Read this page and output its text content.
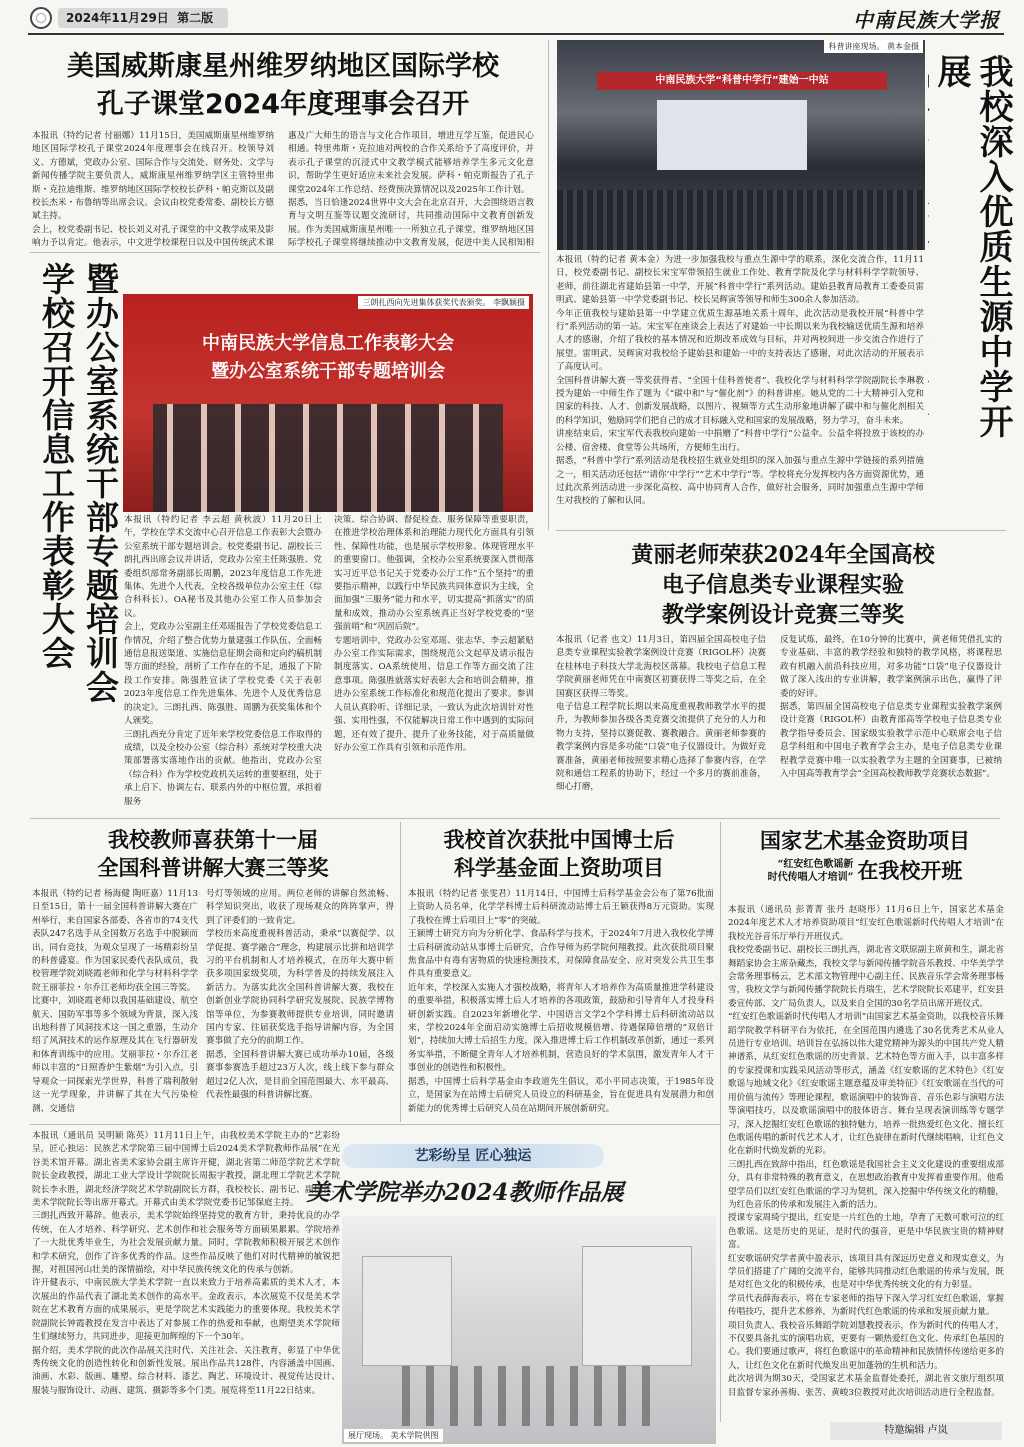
2024年11月29日 第二版	中南民族大学报
美国威斯康星州维罗纳地区国际学校
孔子课堂2024年度理事会召开
本报讯（特约记者 付丽娜）11月15日，美国威斯康星州维罗纳地区国际学校孔子课堂2024年度理事会在线召开。校领导刘义、方德斌，党政办公室、国际合作与交流处、财务处、文学与新闻传播学院主要负责人，威斯康星州维罗纳学区主管特里弗斯・克拉迪维斯、维罗纳地区国际学校校长萨科・帕克斯以及副校长杰米・布鲁纳等出席会议。会议由校党委常委、副校长方德斌主持。
会上，校党委副书记、校长刘义对孔子课堂的中文教学成果及影响力予以肯定。他表示，中文进学校课程日以及中国传统武术课
惠及广大师生的语言与文化合作项目，增进互学互鉴，促进民心相通。特里弗斯・克拉迪对两校的合作关系给予了高度评价，并表示孔子课堂的沉浸式中文教学模式能够培养学生多元文化意识，帮助学生更好适应未来社会发展。萨科・帕克斯报告了孔子课堂2024年工作总结、经费预决算情况以及2025年工作计划。
据悉，当日恰逢2024世界中文大会在北京召开，大会围绕语言教育与文明互鉴等议题交流研讨，共同推动国际中文教育创新发展。作为美国威斯康星州唯一一所独立孔子课堂，维罗纳地区国际学校孔子课堂将继续推动中文教育发展，促进中美人民相知相
科普讲座现场。 黄本金摄
中南民族大学“科普中学行”建始一中站	我校深入优质生源中学开展
本报讯（特约记者 黄本金）为进一步加强我校与重点生源中学的联系，深化交流合作，11月11日，校党委副书记、副校长宋宝军带领招生就业工作处、教育学院及化学与材料科学学院领导、老师，前往湖北省建始县第一中学，开展“科普中学行”系列活动。建始县教育局教育工委委员雷明武、建始县第一中学党委副书记、校长吴辉寅等领导和师生300余人参加活动。
今年正值我校与建始县第一中学建立优质生源基地关系十周年，此次活动是我校开展“科普中学行”系列活动的第一站。宋宝军在座谈会上表达了对建始一中长期以来为我校输送优质生源和培养人才的感谢，介绍了我校的基本情况和近期改革成效与目标，并对两校间进一步交流合作进行了展望。雷明武、吴辉寅对我校给予建始县和建始一中的支持表达了感谢，对此次活动的开展表示了高度认可。
全国科普讲解大赛一等奖获得者、“全国十佳科普使者”、我校化学与材料科学学院副院长李琳教授为建始一中师生作了题为《“碳中和”与“催化剂”》的科普讲座。她从党的二十大精神引入党和国家的科技、人才、创新发展战略，以图片、视频等方式生动形象地讲解了碳中和与催化剂相关的科学知识，勉励同学们把自己的成才目标融入党和国家的发展战略，努力学习，奋斗未来。
讲座结束后，宋宝军代表我校向建始一中捐赠了“科普中学行”公益伞。公益伞将投放于该校的办公楼、宿舍楼、食堂等公共场所，方便师生出行。
据悉，“科普中学行”系列活动是我校招生就业处组织的深入加强与重点生源中学链接的系列措施之一，相关活动还包括“‘请你’中学行”“艺术中学行”等。学校将充分发挥校内各方面资源优势，通过此次系列活动进一步深化高校、高中协同育人合作，做好社会服务，同时加强重点生源中学师生对我校的了解和认同。
暨办公室系统干部专题培训会
学校召开信息工作表彰大会	三朗扎西向先进集体获奖代表颁奖。 李飘颖摄
中南民族大学信息工作表彰大会
暨办公室系统干部专题培训会
本报讯（特约记者 李云超 黄秋波）11月20日上午，学校在学术交流中心召开信息工作表彰大会暨办公室系统干部专题培训会。校党委副书记、副校长三朗扎西出席会议并讲话，党政办公室主任陈强胜、党委组织部常务副部长周鹏，2023年度信息工作先进集体、先进个人代表，全校各级单位办公室主任（综合科科长）、OA秘书及其他办公室工作人员参加会议。
会上，党政办公室副主任邓瑶报告了学校党委信息工作情况，介绍了整合优势力量建强工作队伍、全面畅通信息报送渠道、实施信息征期会商和定向约稿机制等方面的经验，剖析了工作存在的不足，通报了下阶段工作安排。陈强胜宣读了学校党委《关于表彰2023年度信息工作先进集体、先进个人及优秀信息的决定》。三朗扎西、陈强胜、周鹏为获奖集体和个人颁奖。
三朗扎西充分肯定了近年来学校党委信息工作取得的成绩，以及全校办公室（综合科）系统对学校重大决策部署落实落地作出的贡献。他指出，党政办公室（综合科）作为学校党政机关运转的重要枢纽，处于承上启下、协调左右、联系内外的中枢位置，承担着服务
决策、综合协调、督促检查、服务保障等重要职责，在推进学校治理体系和治理能力现代化方面具有引领性、保障性功能，也是展示学校形象、体现管理水平的重要窗口。他强调，全校办公室系统要深入贯彻落实习近平总书记关于党委办公厅工作“五个坚持”的重要指示精神，以践行中华民族共同体意识为主线，全面加强“三服务”能力和水平，切实提高“抓落实”的质量和成效，推动办公室系统真正当好学校党委的“坚强前哨”和“巩固后院”。
专题培训中，党政办公室邓瑶、张志华、李云超紧贴办公室工作实际需求，围绕规范公文起草及请示报告制度落实、OA系统使用、信息工作等方面交流了注意事项。陈强胜就落实好表彰大会和培训会精神，推进办公室系统工作标准化和规范化提出了要求。参训人员认真聆听、详细记录，一致认为此次培训针对性强、实用性强，不仅能解决日常工作中遇到的实际问题，还有效了提升，提升了业务技能，对于高质量做好办公室工作具有引领和示范作用。
黄丽老师荣获2024年全国高校
电子信息类专业课程实验
教学案例设计竞赛三等奖
本报讯（记者 也文）11月3日，第四届全国高校电子信息类专业课程实验教学案例设计竞赛（RIGOL杯）决赛在桂林电子科技大学北海校区落幕。我校电子信息工程学院黄丽老师凭在中南赛区初赛获得二等奖之后，在全国赛区获得三等奖。
电子信息工程学院长期以来高度重视教师教学水平的提升，为教师参加各级各类竞赛交流提供了充分的人力和物力支持，坚持以赛促教、赛教融合。黄丽老师参赛的教学案例内容是多功能“口袋”电子仪器设计。为做好竞赛准备，黄丽老师按照要求精心选择了参赛内容，在学院和通信工程系的协助下，经过一个多月的赛前准备，细心打磨，
反复试炼，最终，在10分钟的比赛中，黄老师凭借扎实的专业基础、丰富的教学经验和独特的教学风格，将课程思政有机融入前沿科技应用，对多功能“口袋”电子仪器设计做了深入浅出的专业讲解，教学案例演示出色，赢得了评委的好评。
据悉，第四届全国高校电子信息类专业课程实验教学案例设计竞赛（RIGOL杯）由教育部高等学校电子信息类专业教学指导委员会、国家级实验教学示范中心联席会电子信息学科组和中国电子教育学会主办，是电子信息类专业课程教学竞赛中唯一以实验教学为主题的全国赛事，已被纳入中国高等教育学会“全国高校教师教学竞赛状态数据”。
我校教师喜获第十一届
全国科普讲解大赛三等奖
本报讯（特约记者 杨海健 陶旺嘉）11月13日至15日，第十一届全国科普讲解大赛在广州举行，来自国家各部委、各省市的74支代表队247名选手从全国数万名选手中脱颖而出，同台竞技，为观众呈现了一场精彩纷呈的科普盛宴。作为国家民委代表队成员，我校管理学院刘晓霞老师和化学与材料科学学院王丽菲拉・尔乔江老师均获全国三等奖。
比赛中，刘晓霞老师以我国基础建设、航空航天、国防军事等多个领域为背景，深入浅出地科普了风洞技术这一国之重器，生动介绍了风洞技术的运作原理及其在飞行器研发和体育训练中的应用。艾丽菲拉・尔乔江老师以丰富的“日照香炉生紫烟”为引入点，引导观众一同探索光学世界，科普了瑞利散射这一光学现象，并讲解了其在大气污染检测、交通信
号灯等领域的应用。两位老师的讲解自然流畅、科学知识突出，收获了现场观众的阵阵掌声，得到了评委们的一致肯定。
学校历来高度重视科普活动，秉承“以赛促学、以学促提、赛学融合”理念，构建展示比拼和培训学习的平台机制和人才培养模式，在历年大赛中斩获多项国家级奖项，为科学普及的持续发展注入新活力。为落实此次全国科普讲解大赛，我校在创新创业学院协同科学研究发展院、民族学博物馆等单位，为参赛教师提供专业培训，同时邀请国内专家、往届获奖选手指导讲解内容，为全国赛事做了充分的前期工作。
据悉，全国科普讲解大赛已成功举办10届，各级赛事参赛选手超过23万人次，线上线下参与群众超过2亿人次，是目前全国范围最大、水平最高、代表性最强的科普讲解比赛。
我校首次获批中国博士后
科学基金面上资助项目
本报讯（特约记者 张雯君）11月14日，中国博士后科学基金会公布了第76批面上资助人员名单，化学学科博士后科研流动站博士后王颖获得8万元资助。实现了我校在博士后项目上“零”的突破。
王颖博士研究方向为分析化学、食品科学与技术，于2024年7月进入我校化学博士后科研流动站从事博士后研究，合作导师为药学院何翔教授。此次获批项目聚焦食品中有毒有害物质的快速检测技术，对保障食品安全、应对突发公共卫生事件具有重要意义。
近年来，学校深入实施人才强校战略，将青年人才培养作为高质量推进学科建设的重要举措，积极落实博士后人才培养的各项政策，鼓励和引导青年人才投身科研创新实践。自2023年新增化学、中国语言文学2个学科博士后科研流动站以来，学校2024年全面启动实施博士后招收规模倍增、待遇保障倍增的“双倍计划”，持续加大博士后招生力度，深入推进博士后工作机制改革创新，通过一系列务实举措，不断健全青年人才培养机制，营造良好的学术氛围，激发青年人才干事创业的创造性和积极性。
据悉，中国博士后科学基金由李政道先生倡议，邓小平同志决策，于1985年设立，是国家为在站博士后研究人员设立的科研基金，旨在促进具有发展潜力和创新能力的优秀博士后研究人员在站期间开展创新研究。
国家艺术基金资助项目
“红安红色歌谣新
时代传唱人才培训” 在我校开班
本报讯（通讯员 彭菁菁 张丹 赵晓彤）11月6日上午，国家艺术基金2024年度艺术人才培养资助项目“红安红色歌谣新时代传唱人才培训”在我校光谷音乐厅举行开班仪式。
我校党委副书记、副校长三朗扎西，湖北省文联原副主席黄和生，湖北省舞蹈家协会主席杂藏杰，我校文学与新闻传播学院音乐教授、中华美学学会常务理事杨云，艺术部文物管理中心副主任、民族音乐学会常务理事杨雪，我校文学与新闻传播学院院长肖瑞生，艺术学院院长邓建平，红安县委宣传部、文广局负责人，以及来自全国的30名学员出席开班仪式。
“红安红色歌谣新时代传唱人才培训”由国家艺术基金资助，以我校音乐舞蹈学院教学科研平台为依托，在全国范围内遴选了30名优秀艺术从业人员进行专业培训。培训旨在弘扬以伟大建党精神为源头的中国共产党人精神谱系，从红安红色歌谣的历史背景、艺术特色等方面入手，以丰富多样的专家授课和实践采风活动等形式，涵盖《红安歌谣的艺术特色》《红安歌谣与地域文化》《红安歌谣主题意蕴及审美特征》《红安歌谣在当代的可用价值与流传》等理论课程，歌谣演唱中的装饰音、音乐色彩与演唱方法等演唱技巧，以及歌谣演唱中的肢体语言、舞台呈现表演训练等专题学习，深入挖掘红安红色歌谣的独特魅力，培养一批热爱红色文化、擅长红色歌谣传唱的新时代艺术人才，让红色旋律在新时代继续唱响，让红色文化在新时代焕发新的光彩。
三朗扎西在致辞中指出，红色歌谣是我国社会主义文化建设的重要组成部分，具有非常特殊的教育意义，在思想政治教育中发挥着重要作用。他希望学员们以红安红色歌谣的学习为契机，深入挖掘中华传统文化的精髓，为红色音乐的传承和发展注入新的活力。
授课专家周绮宁提出，红安是一片红色的土地，孕育了无数可歌可泣的红色歌谣。这是历史的见证，是时代的强音，更是中华民族宝贵的精神财富。
红安歌谣研究学者黄中盈表示，该项目具有深远历史意义和现实意义，为学员们搭建了广阔的交流平台，能够共同推动红色歌谣的传承与发展，既是对红色文化的积极传承，也是对中华优秀传统文化的有力彰显。
学员代表薛海表示，将在专家老师的指导下深入学习红安红色歌谣，掌握传唱技巧，提升艺术修养，为新时代红色歌谣的传承和发展贡献力量。
项目负责人、我校音乐舞蹈学院刘慧教授表示，作为新时代的传唱人才，不仅要具备扎实的演唱功底，更要有一颗热爱红色文化、传承红色基因的心。我们要通过歌声，将红色歌谣中的革命精神和民族情怀传递给更多的人，让红色文化在新时代焕发出更加蓬勃的生机和活力。
此次培训为期30天，受国家艺术基金监督处委托，湖北省文旅厅组织项目监督专家孙善梅、张苦、黄峻3位教授对此次培训活动进行全程监督。
特邀编辑 卢岚
本报讯（通讯员 吴明颖 陈英）11月11日上午，由我校美术学院主办的“艺彩纷呈，匠心独运：民族艺术学院第三届中国博士后2024美术学院教师作品展”在光谷美术馆开幕。湖北省美术家协会副主席许开健，湖北省第二师范学院艺术学院院长金政教授，湖北工业大学设计学院院长周振宇教授，湖北理工学院艺术学院院长李永胜，湖北经济学院艺术学院副院长方群，我校校长、副书记、副校长、美术学院院长等出席开幕式。开幕式由美术学院党委书记邹保庭主持。
三朗扎西致开幕辞。他表示，美术学院始终坚持党的教育方针，秉持优良的办学传统，在人才培养、科学研究、艺术创作和社会服务等方面硕果累累。学院培养了一大批优秀毕业生，为社会发展贡献力量。同时，学院教师积极开展艺术创作和学术研究，创作了许多优秀的作品。这些作品反映了他们对时代精神的敏锐把握，对祖国河山壮美的深情描绘，对中华民族传统文化的传承与创新。
许开健表示，中南民族大学美术学院一直以来致力于培养高素质的美术人才，本次展出的作品代表了湖北美术创作的高水平。金政表示，本次展览不仅是美术学院在艺术教育方面的成果展示，更是学院艺术实践能力的重要体现。我校美术学院副院长钟霞教授在发言中表达了对参展工作的热爱和奉献，也期望美术学院师生们继续努力，共同进步，迎接更加辉煌的下一个30年。
据介绍，美术学院的此次作品展关注时代、关注社会、关注教育，彰显了中华优秀传统文化的创造性转化和创新性发展。展出作品共128件，内容涵盖中国画、油画、水彩、版画、雕塑、综合材料、漆艺、陶艺、环境设计、视觉传达设计、服装与服饰设计、动画、建筑、摄影等多个门类。展览将至11月22日结束。
艺彩纷呈 匠心独运
美术学院举办2024教师作品展
展厅现场。 美术学院供图
